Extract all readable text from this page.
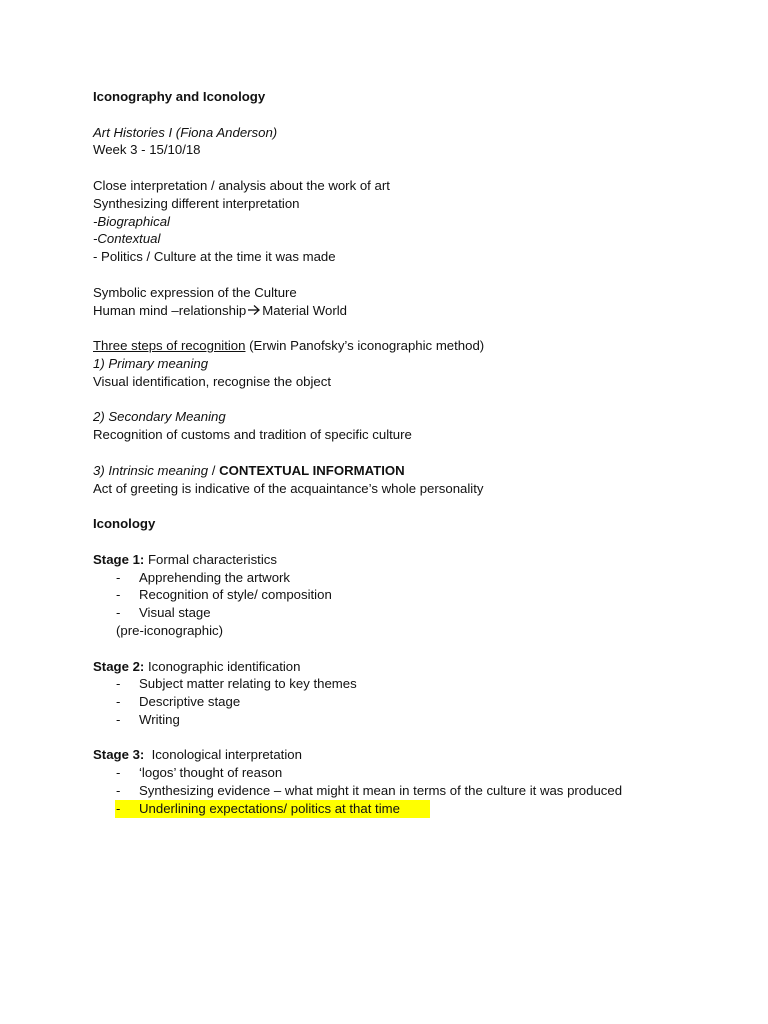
Iconography and Iconology
Art Histories I (Fiona Anderson)
Week 3 - 15/10/18
Close interpretation / analysis about the work of art
Synthesizing different interpretation
-Biographical
-Contextual
- Politics / Culture at the time it was made
Symbolic expression of the Culture
Human mind –relationship Material World
Three steps of recognition (Erwin Panofsky’s iconographic method)
1) Primary meaning
Visual identification, recognise the object
2) Secondary Meaning
Recognition of customs and tradition of specific culture
3) Intrinsic meaning / CONTEXTUAL INFORMATION
Act of greeting is indicative of the acquaintance’s whole personality
Iconology
Stage 1: Formal characteristics
- Apprehending the artwork
- Recognition of style/ composition
- Visual stage
(pre-iconographic)
Stage 2: Iconographic identification
- Subject matter relating to key themes
- Descriptive stage
- Writing
Stage 3:  Iconological interpretation
- ‘logos’ thought of reason
- Synthesizing evidence – what might it mean in terms of the culture it was produced
- Underlining expectations/ politics at that time
